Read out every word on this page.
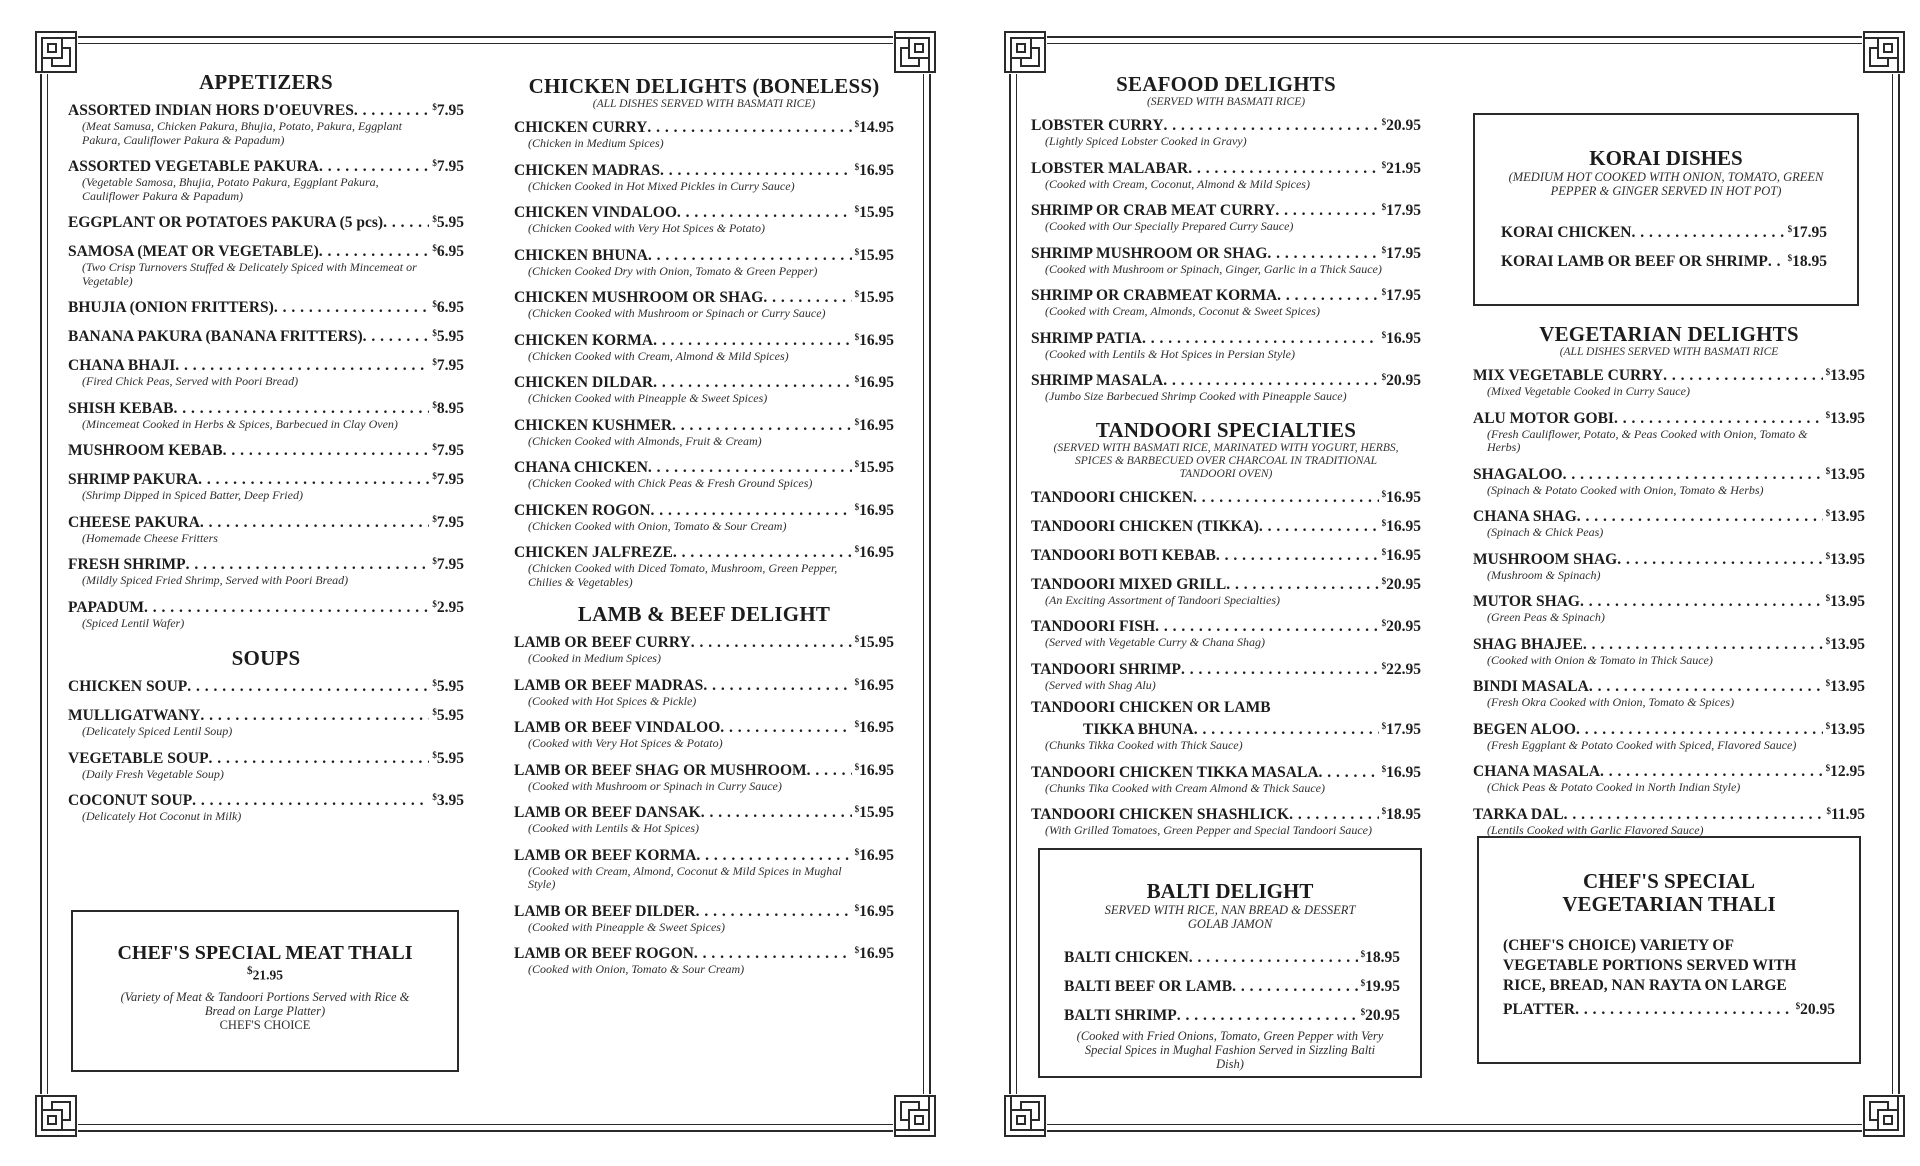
APPETIZERS
ASSORTED INDIAN HORS D'OEUVRES . . .	$7.95
(Meat Samusa, Chicken Pakura, Bhujia, Potato, Pakura, Eggplant Pakura, Cauliflower Pakura & Papadum)
ASSORTED VEGETABLE PAKURA . . .	$7.95
(Vegetable Samosa, Bhujia, Potato Pakura, Eggplant Pakura, Cauliflower Pakura & Papadum)
EGGPLANT OR POTATOES PAKURA (5 pcs) . . .	$5.95
SAMOSA (MEAT OR VEGETABLE) . . .	$6.95
(Two Crisp Turnovers Stuffed & Delicately Spiced with Mincemeat or Vegetable)
BHUJIA (ONION FRITTERS) . . .	$6.95
BANANA PAKURA (BANANA FRITTERS) . . .	$5.95
CHANA BHAJI . . .	$7.95
(Fired Chick Peas, Served with Poori Bread)
SHISH KEBAB . . .	$8.95
(Mincemeat Cooked in Herbs & Spices, Barbecued in Clay Oven)
MUSHROOM KEBAB . . .	$7.95
SHRIMP PAKURA . . .	$7.95
(Shrimp Dipped in Spiced Batter, Deep Fried)
CHEESE PAKURA . . .	$7.95
(Homemade Cheese Fritters
FRESH SHRIMP . . .	$7.95
(Mildly Spiced Fried Shrimp, Served with Poori Bread)
PAPADUM . . .	$2.95
(Spiced Lentil Wafer)
SOUPS
CHICKEN SOUP . . .	$5.95
MULLIGATWANY . . .	$5.95
(Delicately Spiced Lentil Soup)
VEGETABLE SOUP . . .	$5.95
(Daily Fresh Vegetable Soup)
COCONUT SOUP . . .	$3.95
(Delicately Hot Coconut in Milk)
CHEF'S SPECIAL MEAT THALI
$21.95
(Variety of Meat & Tandoori Portions Served with Rice & Bread on Large Platter)
CHEF'S CHOICE
CHICKEN DELIGHTS (BONELESS)
(ALL DISHES SERVED WITH BASMATI RICE)
CHICKEN CURRY . . .	$14.95
(Chicken in Medium Spices)
CHICKEN MADRAS . . .	$16.95
(Chicken Cooked in Hot Mixed Pickles in Curry Sauce)
CHICKEN VINDALOO . . .	$15.95
(Chicken Cooked with Very Hot Spices & Potato)
CHICKEN BHUNA . . .	$15.95
(Chicken Cooked Dry with Onion, Tomato & Green Pepper)
CHICKEN MUSHROOM OR SHAG . . .	$15.95
(Chicken Cooked with Mushroom or Spinach or Curry Sauce)
CHICKEN KORMA . . .	$16.95
(Chicken Cooked with Cream, Almond & Mild Spices)
CHICKEN DILDAR . . .	$16.95
(Chicken Cooked with Pineapple & Sweet Spices)
CHICKEN KUSHMER . . .	$16.95
(Chicken Cooked with Almonds, Fruit & Cream)
CHANA CHICKEN . . .	$15.95
(Chicken Cooked with Chick Peas & Fresh Ground Spices)
CHICKEN ROGON . . .	$16.95
(Chicken Cooked with Onion, Tomato & Sour Cream)
CHICKEN JALFREZE . . .	$16.95
(Chicken Cooked with Diced Tomato, Mushroom, Green Pepper, Chilies & Vegetables)
LAMB & BEEF DELIGHT
LAMB OR BEEF CURRY . . .	$15.95
(Cooked in Medium Spices)
LAMB OR BEEF MADRAS . . .	$16.95
(Cooked with Hot Spices & Pickle)
LAMB OR BEEF VINDALOO . . .	$16.95
(Cooked with Very Hot Spices & Potato)
LAMB OR BEEF SHAG OR MUSHROOM . . .	$16.95
(Cooked with Mushroom or Spinach in Curry Sauce)
LAMB OR BEEF DANSAK . . .	$15.95
(Cooked with Lentils & Hot Spices)
LAMB OR BEEF KORMA . . .	$16.95
(Cooked with Cream, Almond, Coconut & Mild Spices in Mughal Style)
LAMB OR BEEF DILDER . . .	$16.95
(Cooked with Pineapple & Sweet Spices)
LAMB OR BEEF ROGON . . .	$16.95
(Cooked with Onion, Tomato & Sour Cream)
SEAFOOD DELIGHTS
(SERVED WITH BASMATI RICE)
LOBSTER CURRY . . .	$20.95
(Lightly Spiced Lobster Cooked in Gravy)
LOBSTER MALABAR . . .	$21.95
(Cooked with Cream, Coconut, Almond & Mild Spices)
SHRIMP OR CRAB MEAT CURRY . . .	$17.95
(Cooked with Our Specially Prepared Curry Sauce)
SHRIMP MUSHROOM OR SHAG . . .	$17.95
(Cooked with Mushroom or Spinach, Ginger, Garlic in a Thick Sauce)
SHRIMP OR CRABMEAT KORMA . . .	$17.95
(Cooked with Cream, Almonds, Coconut & Sweet Spices)
SHRIMP PATIA . . .	$16.95
(Cooked with Lentils & Hot Spices in Persian Style)
SHRIMP MASALA . . .	$20.95
(Jumbo Size Barbecued Shrimp Cooked with Pineapple Sauce)
TANDOORI SPECIALTIES
(SERVED WITH BASMATI RICE, MARINATED WITH YOGURT, HERBS, SPICES & BARBECUED OVER CHARCOAL IN TRADITIONAL TANDOORI OVEN)
TANDOORI CHICKEN . . .	$16.95
TANDOORI CHICKEN (TIKKA) . . .	$16.95
TANDOORI BOTI KEBAB . . .	$16.95
TANDOORI MIXED GRILL . . .	$20.95
(An Exciting Assortment of Tandoori Specialties)
TANDOORI FISH . . .	$20.95
(Served with Vegetable Curry & Chana Shag)
TANDOORI SHRIMP . . .	$22.95
(Served with Shag Alu)
TANDOORI CHICKEN OR LAMB
TIKKA BHUNA . . .	$17.95
(Chunks Tikka Cooked with Thick Sauce)
TANDOORI CHICKEN TIKKA MASALA . . .	$16.95
(Chunks Tika Cooked with Cream Almond & Thick Sauce)
TANDOORI CHICKEN SHASHLICK . . .	$18.95
(With Grilled Tomatoes, Green Pepper and Special Tandoori Sauce)
BALTI DELIGHT
SERVED WITH RICE, NAN BREAD & DESSERT GOLAB JAMON
BALTI CHICKEN . . .	$18.95
BALTI BEEF OR LAMB . . .	$19.95
BALTI SHRIMP . . .	$20.95
(Cooked with Fried Onions, Tomato, Green Pepper with Very Special Spices in Mughal Fashion Served in Sizzling Balti Dish)
KORAI DISHES
(MEDIUM HOT COOKED WITH ONION, TOMATO, GREEN PEPPER & GINGER SERVED IN HOT POT)
KORAI CHICKEN . . .	$17.95
KORAI LAMB OR BEEF OR SHRIMP . . .	$18.95
VEGETARIAN DELIGHTS
(ALL DISHES SERVED WITH BASMATI RICE
MIX VEGETABLE CURRY . . .	$13.95
(Mixed Vegetable Cooked in Curry Sauce)
ALU MOTOR GOBI . . .	$13.95
(Fresh Cauliflower, Potato, & Peas Cooked with Onion, Tomato & Herbs)
SHAGALOO . . .	$13.95
(Spinach & Potato Cooked with Onion, Tomato & Herbs)
CHANA SHAG . . .	$13.95
(Spinach & Chick Peas)
MUSHROOM SHAG . . .	$13.95
(Mushroom & Spinach)
MUTOR SHAG . . .	$13.95
(Green Peas & Spinach)
SHAG BHAJEE . . .	$13.95
(Cooked with Onion & Tomato in Thick Sauce)
BINDI MASALA . . .	$13.95
(Fresh Okra Cooked with Onion, Tomato & Spices)
BEGEN ALOO . . .	$13.95
(Fresh Eggplant & Potato Cooked with Spiced, Flavored Sauce)
CHANA MASALA . . .	$12.95
(Chick Peas & Potato Cooked in North Indian Style)
TARKA DAL . . .	$11.95
(Lentils Cooked with Garlic Flavored Sauce)
CHEF'S SPECIAL
VEGETARIAN THALI
(CHEF'S CHOICE) VARIETY OF
VEGETABLE PORTIONS SERVED WITH
RICE, BREAD, NAN RAYTA ON LARGE
PLATTER . . .	$20.95
